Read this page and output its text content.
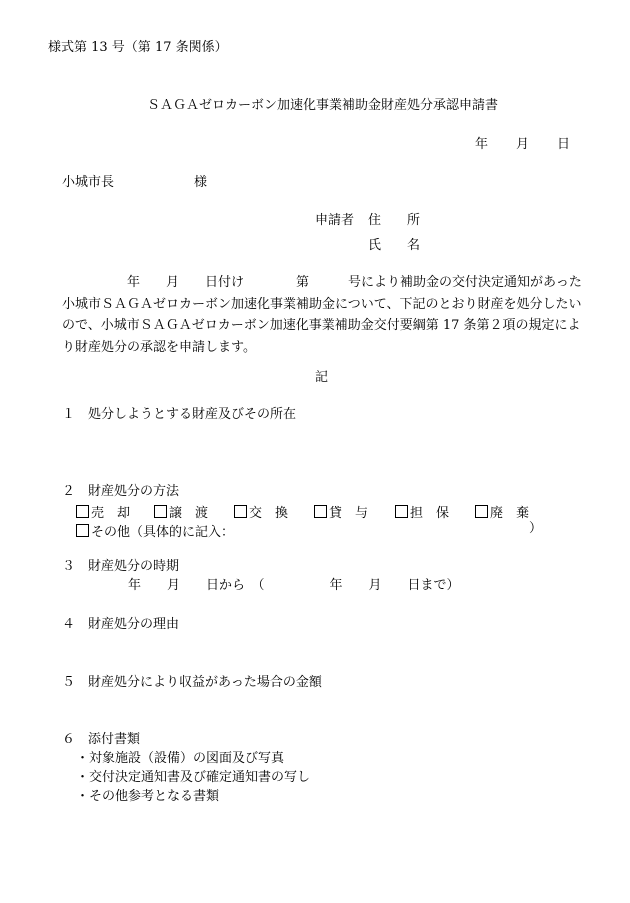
様式第 13 号（第 17 条関係）
ＳＡＧＡゼロカーボン加速化事業補助金財産処分承認申請書
年 月 日
小城市長	様
申請者 住　　所
氏　　名
　　　　　年　　月　　日付け　　　　第　　　号により補助金の交付決定通知があった
小城市ＳＡＧＡゼロカーボン加速化事業補助金について、下記のとおり財産を処分したい
ので、小城市ＳＡＧＡゼロカーボン加速化事業補助金交付要綱第 17 条第２項の規定によ
り財産処分の承認を申請します。
記
１　処分しようとする財産及びその所在
２　財産処分の方法
売　却	譲　渡	交　換	貸　与	担　保	廃　棄
その他（具体的に記入：	）
３　財産処分の時期
年　　月　　日から　（　　　　　年　　月　　日まで）
４　財産処分の理由
５　財産処分により収益があった場合の金額
６　添付書類
・対象施設（設備）の図面及び写真
・交付決定通知書及び確定通知書の写し
・その他参考となる書類
